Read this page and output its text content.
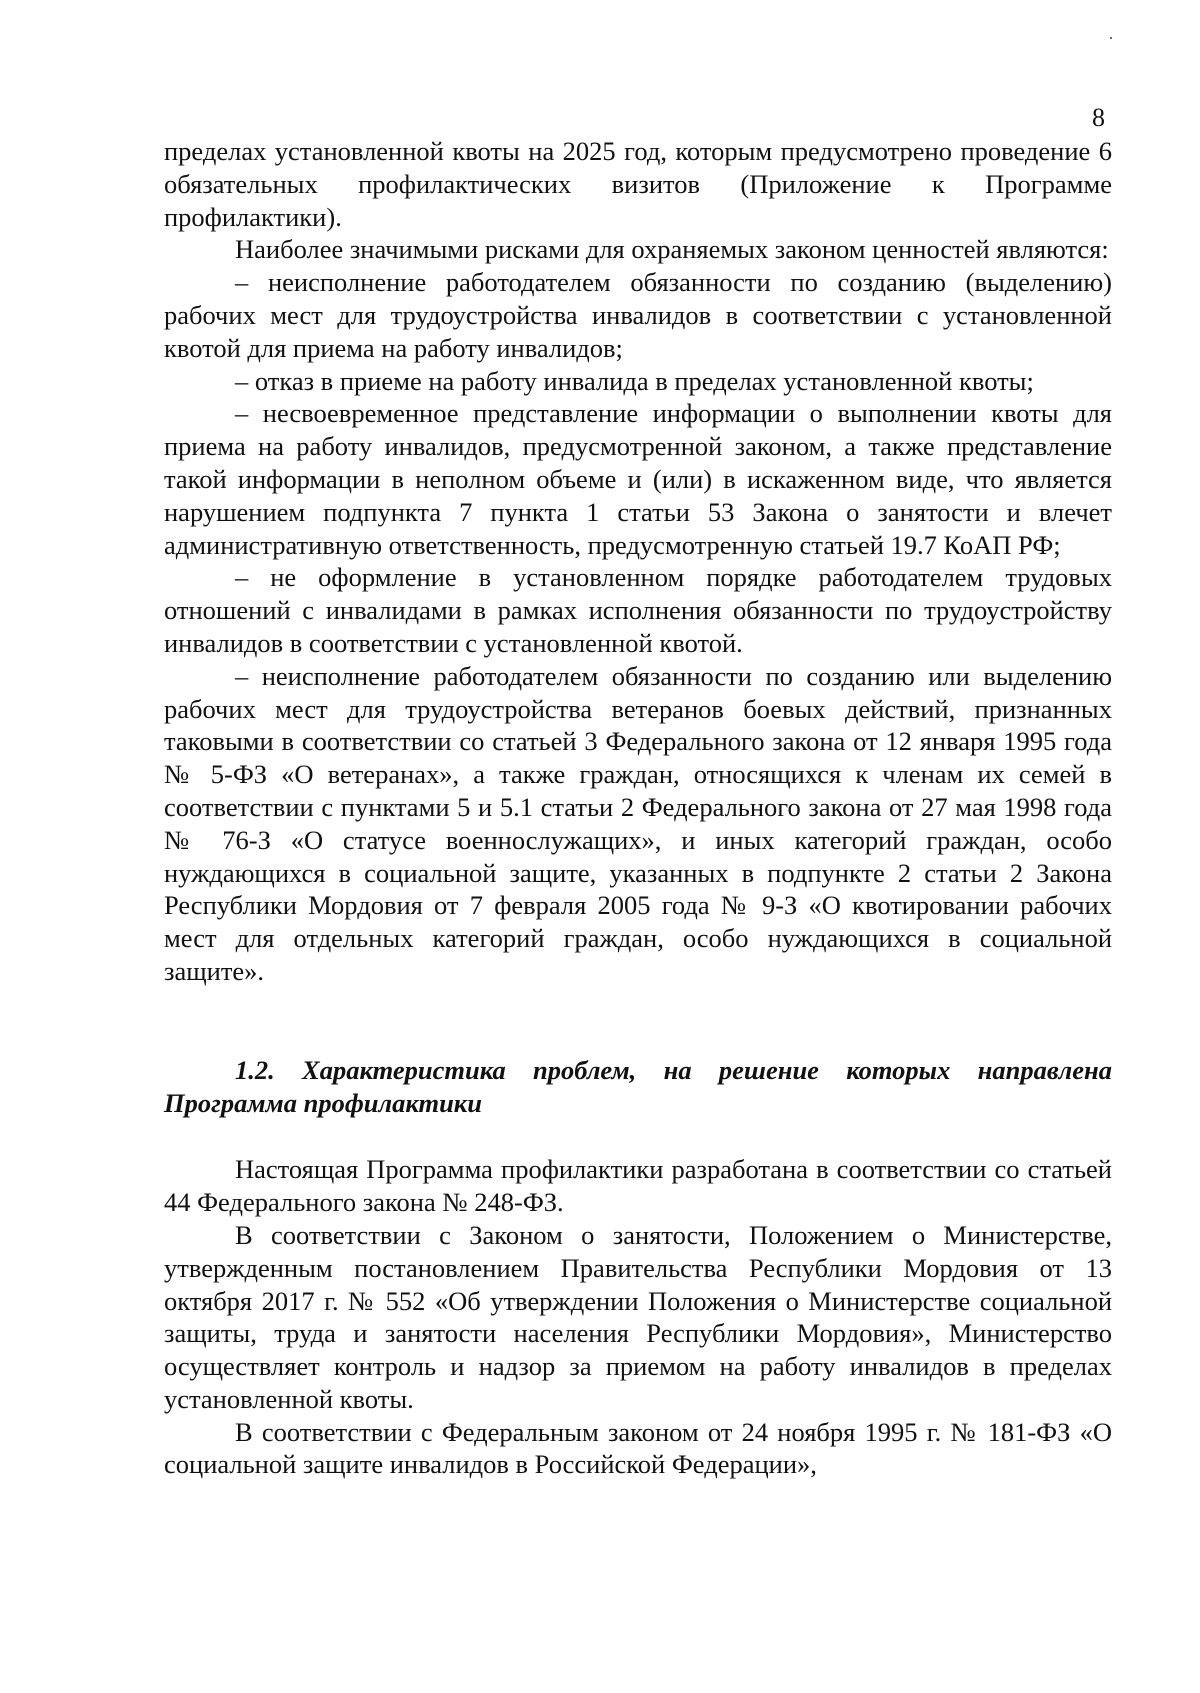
·
8

пределах установленной квоты на 2025 год, которым предусмотрено проведение 6 обязательных профилактических визитов (Приложение к Программе профилактики).

Наиболее значимыми рисками для охраняемых законом ценностей являются:

– неисполнение работодателем обязанности по созданию (выделению) рабочих мест для трудоустройства инвалидов в соответствии с установленной квотой для приема на работу инвалидов;

– отказ в приеме на работу инвалида в пределах установленной квоты;

– несвоевременное представление информации о выполнении квоты для приема на работу инвалидов, предусмотренной законом, а также представление такой информации в неполном объеме и (или) в искаженном виде, что является нарушением подпункта 7 пункта 1 статьи 53 Закона о занятости и влечет административную ответственность, предусмотренную статьей 19.7 КоАП РФ;

– не оформление в установленном порядке работодателем трудовых отношений с инвалидами в рамках исполнения обязанности по трудоустройству инвалидов в соответствии с установленной квотой.

– неисполнение работодателем обязанности по созданию или выделению рабочих мест для трудоустройства ветеранов боевых действий, признанных таковыми в соответствии со статьей 3 Федерального закона от 12 января 1995 года № 5-ФЗ «О ветеранах», а также граждан, относящихся к членам их семей в соответствии с пунктами 5 и 5.1 статьи 2 Федерального закона от 27 мая 1998 года № 76-З «О статусе военнослужащих», и иных категорий граждан, особо нуждающихся в социальной защите, указанных в подпункте 2 статьи 2 Закона Республики Мордовия от 7 февраля 2005 года № 9-З «О квотировании рабочих мест для отдельных категорий граждан, особо нуждающихся в социальной защите».

1.2. Характеристика проблем, на решение которых направлена Программа профилактики

Настоящая Программа профилактики разработана в соответствии со статьей 44 Федерального закона № 248-ФЗ.

В соответствии с Законом о занятости, Положением о Министерстве, утвержденным постановлением Правительства Республики Мордовия от 13 октября 2017 г. № 552 «Об утверждении Положения о Министерстве социальной защиты, труда и занятости населения Республики Мордовия», Министерство осуществляет контроль и надзор за приемом на работу инвалидов в пределах установленной квоты.

В соответствии с Федеральным законом от 24 ноября 1995 г. № 181-ФЗ «О социальной защите инвалидов в Российской Федерации»,
